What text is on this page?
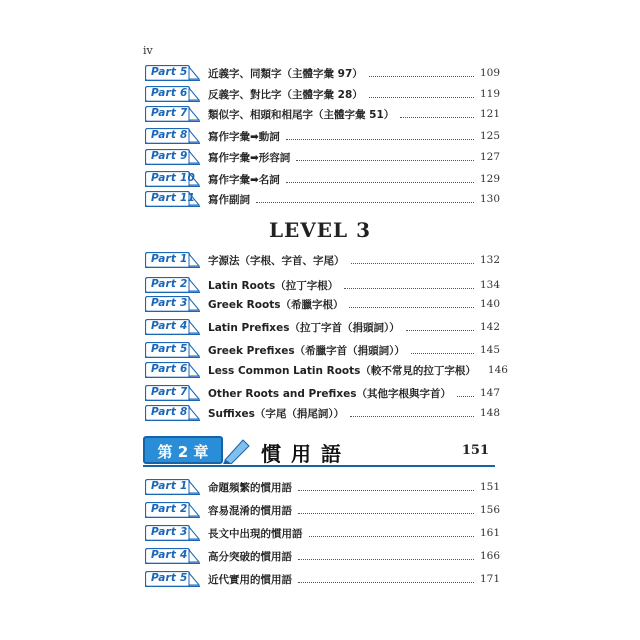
iv
Part 5 近義字、同類字（主體字彙 97）	109
Part 6 反義字、對比字（主體字彙 28）	119
Part 7 類似字、相頭和相尾字（主體字彙 51）	121
Part 8 寫作字彙➡動詞	125
Part 9 寫作字彙➡形容詞	127
Part 10 寫作字彙➡名詞	129
Part 11 寫作副詞	130
LEVEL 3
Part 1 字源法（字根、字首、字尾）	132
Part 2 Latin Roots（拉丁字根）	134
Part 3 Greek Roots（希臘字根）	140
Part 4 Latin Prefixes（拉丁字首（捐頭詞））	142
Part 5 Greek Prefixes（希臘字首（捐頭詞））	145
Part 6 Less Common Latin Roots（較不常見的拉丁字根） 146
Part 7 Other Roots and Prefixes（其他字根與字首）	147
Part 8 Suffixes（字尾（捐尾詞））	148
第 2 章	慣用語	151
Part 1 命題頻繁的慣用語	151
Part 2 容易混淆的慣用語	156
Part 3 長文中出現的慣用語	161
Part 4 高分突破的慣用語	166
Part 5 近代實用的慣用語	171
